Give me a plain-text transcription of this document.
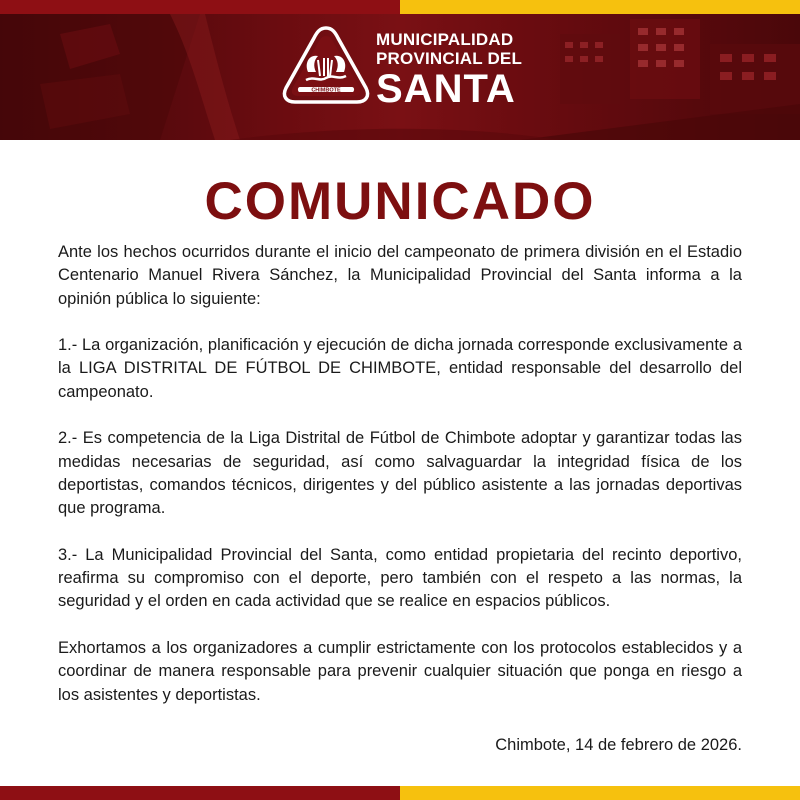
CHIMBOTE
MUNICIPALIDAD
PROVINCIAL DEL
SANTA
COMUNICADO

Ante los hechos ocurridos durante el inicio del campeonato de primera división en el Estadio Centenario Manuel Rivera Sánchez, la Municipalidad Provincial del Santa informa a la opinión pública lo siguiente:

1.- La organización, planificación y ejecución de dicha jornada corresponde exclusivamente a la LIGA DISTRITAL DE FÚTBOL DE CHIMBOTE, entidad responsable del desarrollo del campeonato.

2.- Es competencia de la Liga Distrital de Fútbol de Chimbote adoptar y garantizar todas las medidas necesarias de seguridad, así como salvaguardar la integridad física de los deportistas, comandos técnicos, dirigentes y del público asistente a las jornadas deportivas que programa.

3.- La Municipalidad Provincial del Santa, como entidad propietaria del recinto deportivo, reafirma su compromiso con el deporte, pero también con el respeto a las normas, la seguridad y el orden en cada actividad que se realice en espacios públicos.

Exhortamos a los organizadores a cumplir estrictamente con los protocolos establecidos y a coordinar de manera responsable para prevenir cualquier situación que ponga en riesgo a los asistentes y deportistas.

Chimbote, 14 de febrero de 2026.
